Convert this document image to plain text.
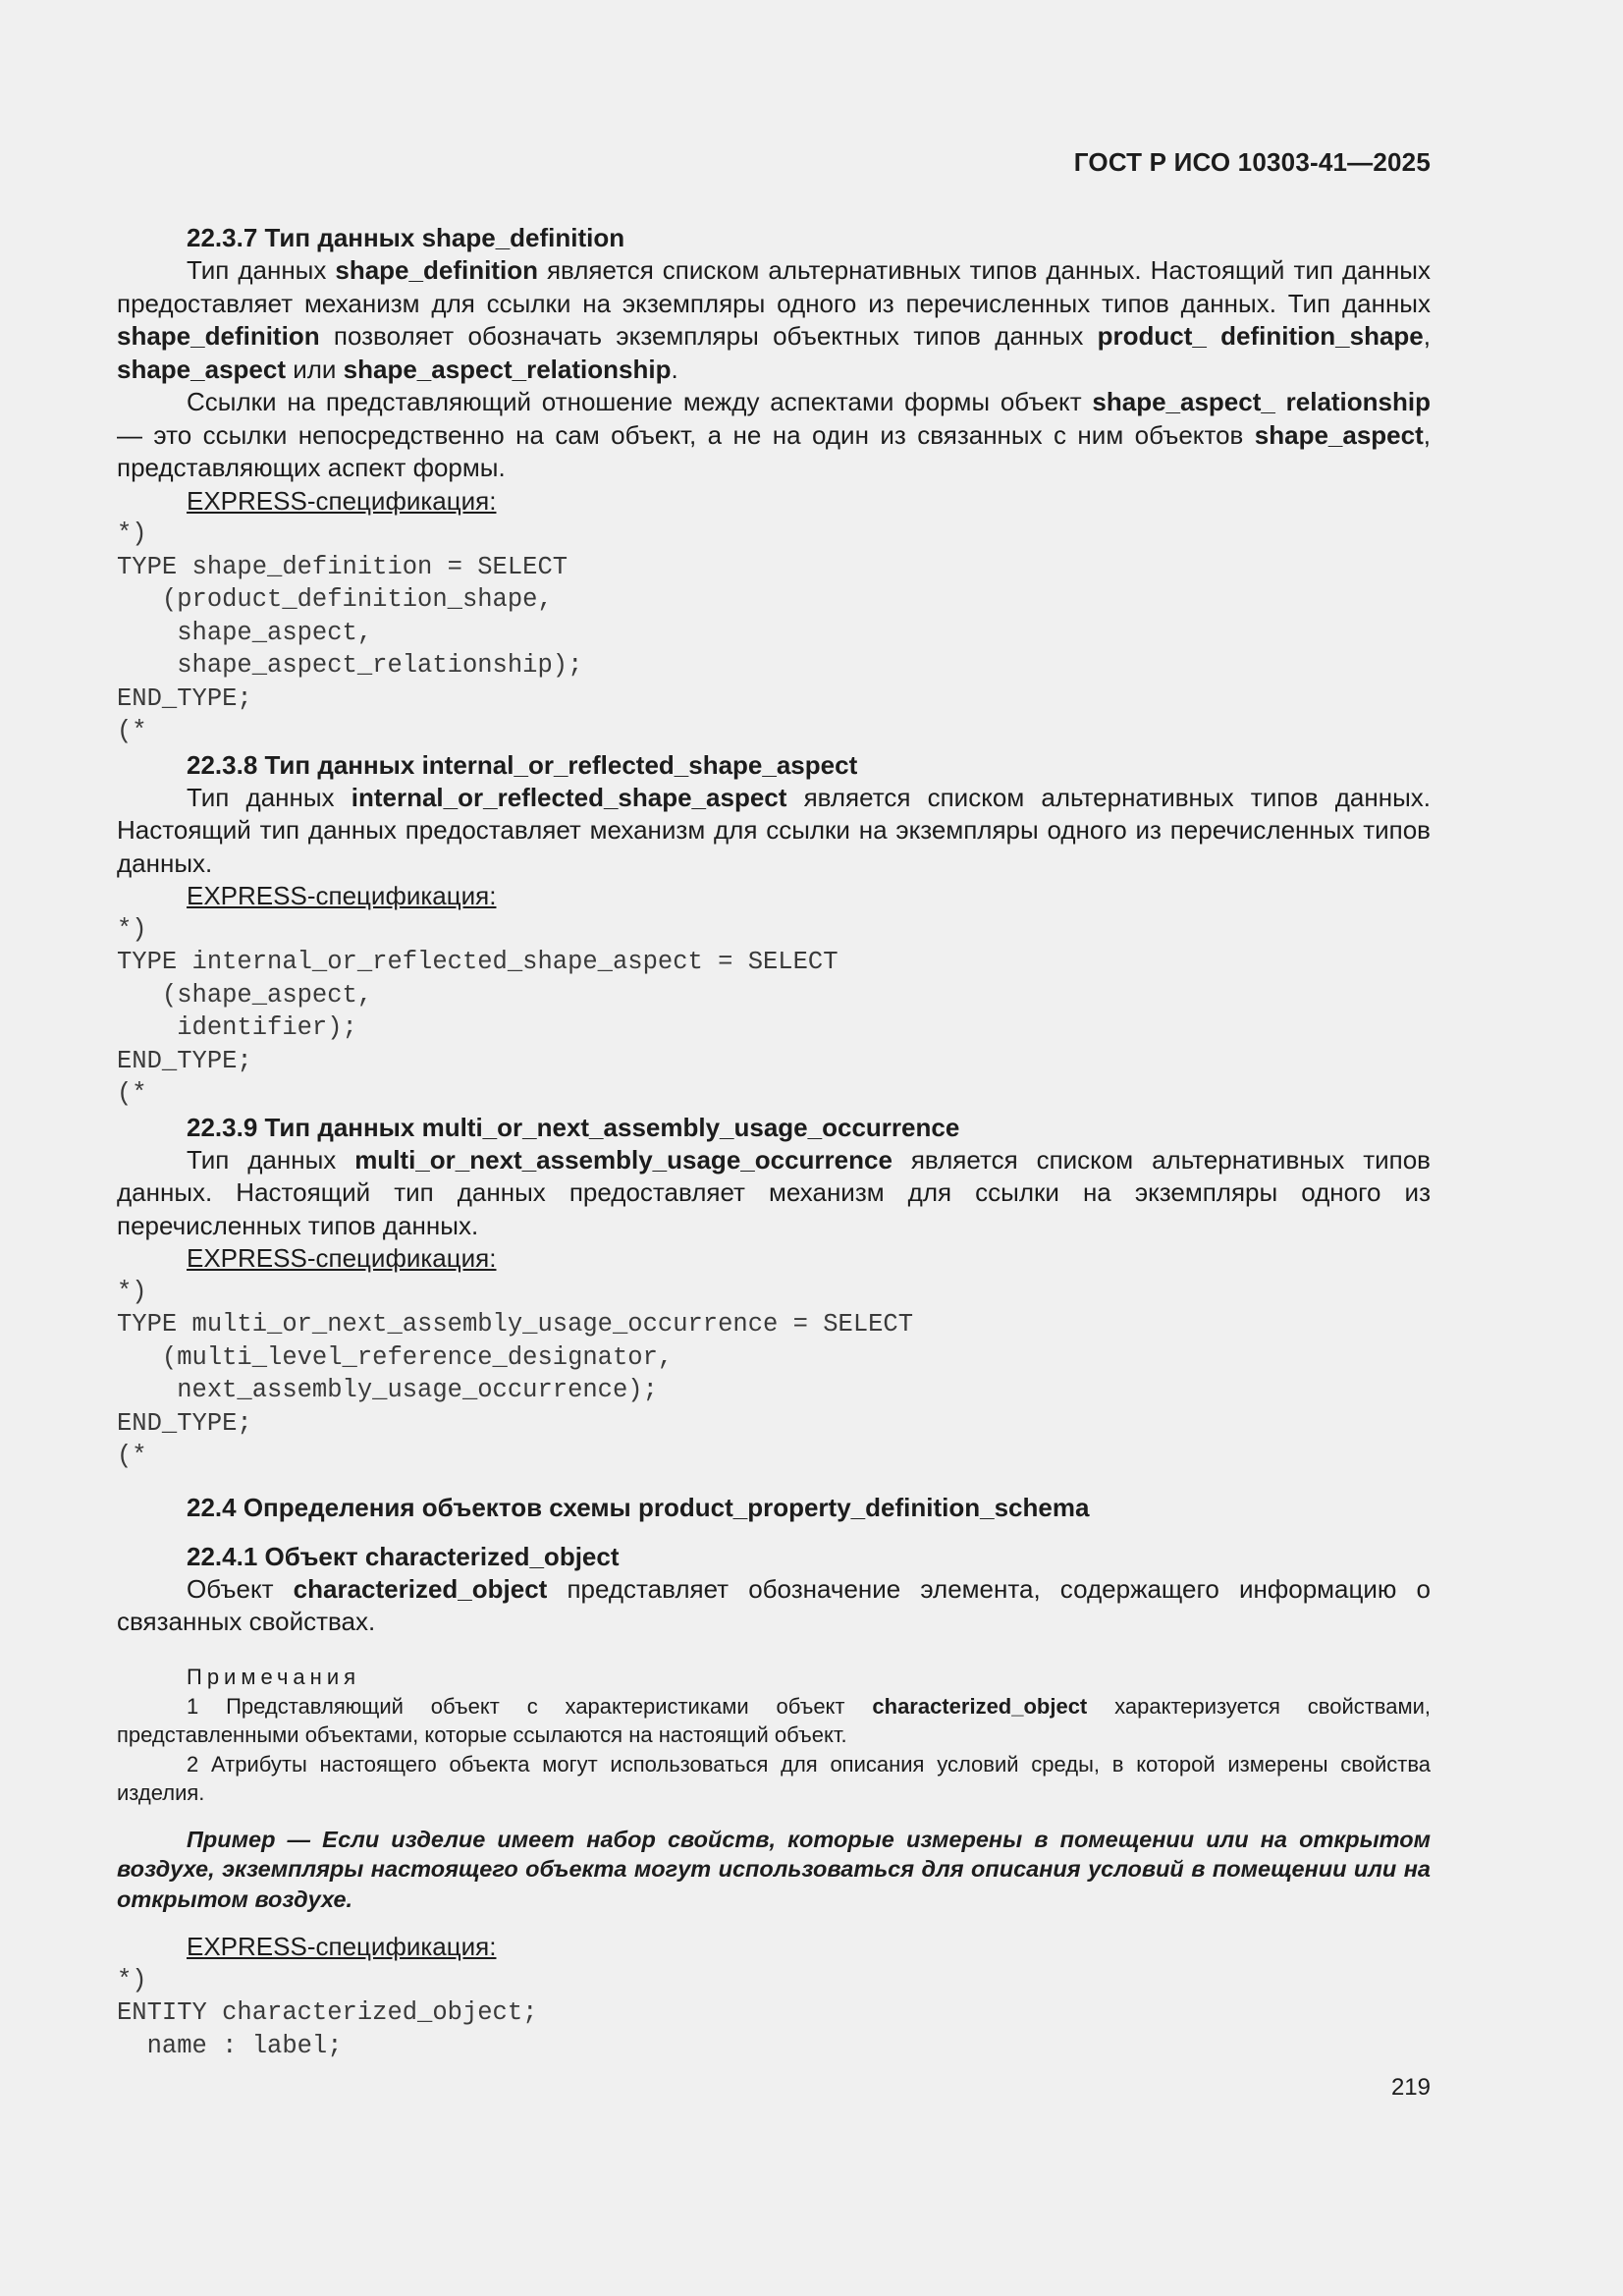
ГОСТ Р ИСО 10303-41—2025
22.3.7 Тип данных shape_definition

Тип данных shape_definition является списком альтернативных типов данных. Настоящий тип данных предоставляет механизм для ссылки на экземпляры одного из перечисленных типов данных. Тип данных shape_definition позволяет обозначать экземпляры объектных типов данных product_ definition_shape, shape_aspect или shape_aspect_relationship.

Ссылки на представляющий отношение между аспектами формы объект shape_aspect_ relationship — это ссылки непосредственно на сам объект, а не на один из связанных с ним объектов shape_aspect, представляющих аспект формы.

EXPRESS-спецификация:
*)
TYPE shape_definition = SELECT
(product_definition_shape,
shape_aspect,
shape_aspect_relationship);
END_TYPE;
(*
22.3.8 Тип данных internal_or_reflected_shape_aspect

Тип данных internal_or_reflected_shape_aspect является списком альтернативных типов данных. Настоящий тип данных предоставляет механизм для ссылки на экземпляры одного из перечисленных типов данных.

EXPRESS-спецификация:
*)
TYPE internal_or_reflected_shape_aspect = SELECT
(shape_aspect,
identifier);
END_TYPE;
(*
22.3.9 Тип данных multi_or_next_assembly_usage_occurrence

Тип данных multi_or_next_assembly_usage_occurrence является списком альтернативных типов данных. Настоящий тип данных предоставляет механизм для ссылки на экземпляры одного из перечисленных типов данных.

EXPRESS-спецификация:
*)
TYPE multi_or_next_assembly_usage_occurrence = SELECT
(multi_level_reference_designator,
next_assembly_usage_occurrence);
END_TYPE;
(*
22.4 Определения объектов схемы product_property_definition_schema
22.4.1 Объект characterized_object

Объект characterized_object представляет обозначение элемента, содержащего информацию о связанных свойствах.

Примечания

1 Представляющий объект с характеристиками объект characterized_object характеризуется свойствами, представленными объектами, которые ссылаются на настоящий объект.

2 Атрибуты настоящего объекта могут использоваться для описания условий среды, в которой измерены свойства изделия.

Пример — Если изделие имеет набор свойств, которые измерены в помещении или на открытом воздухе, экземпляры настоящего объекта могут использоваться для описания условий в помещении или на открытом воздухе.

EXPRESS-спецификация:
*)
ENTITY characterized_object;
name : label;
219
